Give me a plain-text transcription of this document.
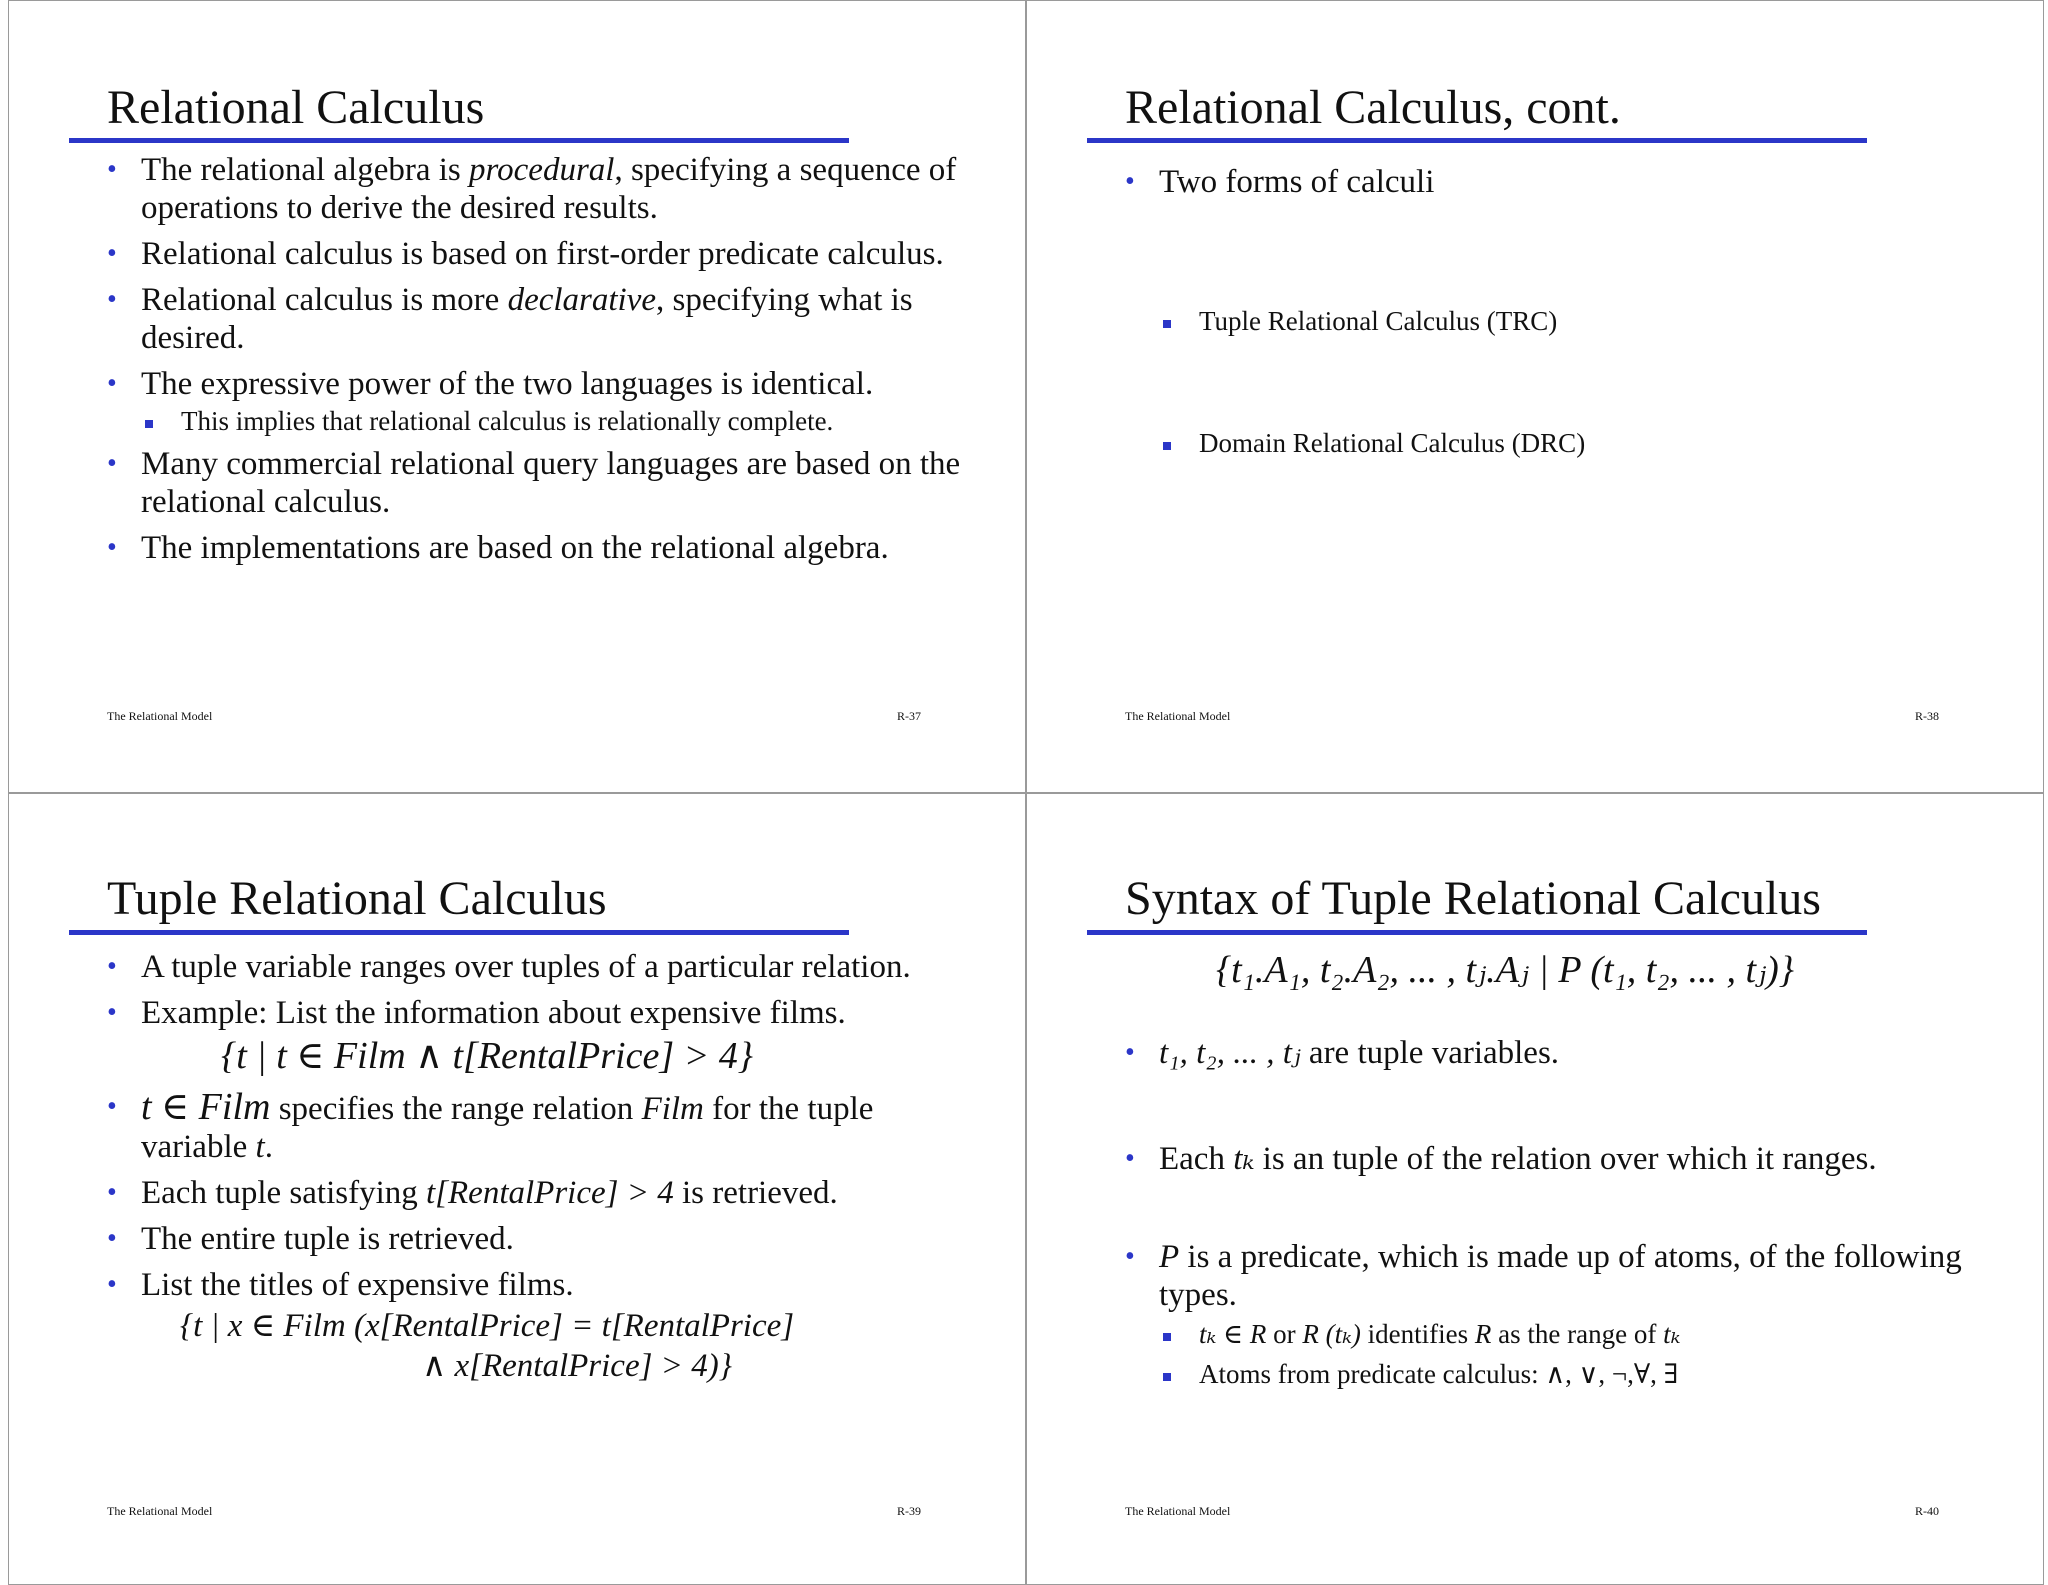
Relational Calculus
• The relational algebra is procedural, specifying a sequence of operations to derive the desired results.
• Relational calculus is based on first-order predicate calculus.
• Relational calculus is more declarative, specifying what is desired.
• The expressive power of the two languages is identical.
This implies that relational calculus is relationally complete.
• Many commercial relational query languages are based on the relational calculus.
• The implementations are based on the relational algebra.
The Relational Model	R-37
Relational Calculus, cont.
• Two forms of calculi
Tuple Relational Calculus (TRC)
Domain Relational Calculus (DRC)
The Relational Model	R-38
Tuple Relational Calculus
• A tuple variable ranges over tuples of a particular relation.
• Example: List the information about expensive films.
{t | t ∈ Film ∧ t[RentalPrice] > 4}
• t ∈ Film specifies the range relation Film for the tuple variable t.
• Each tuple satisfying t[RentalPrice] > 4 is retrieved.
• The entire tuple is retrieved.
• List the titles of expensive films.
{t | x ∈ Film (x[RentalPrice] = t[RentalPrice]
∧ x[RentalPrice] > 4)}
The Relational Model	R-39
Syntax of Tuple Relational Calculus
{t₁.A₁, t₂.A₂, ... , tⱼ.Aⱼ | P (t₁, t₂, ... , tⱼ)}
• t₁, t₂, ... , tⱼ are tuple variables.
• Each tₖ is an tuple of the relation over which it ranges.
• P is a predicate, which is made up of atoms, of the following types.
tₖ ∈ R or R (tₖ) identifies R as the range of tₖ
Atoms from predicate calculus: ∧, ∨, ¬,∀, ∃
The Relational Model	R-40
